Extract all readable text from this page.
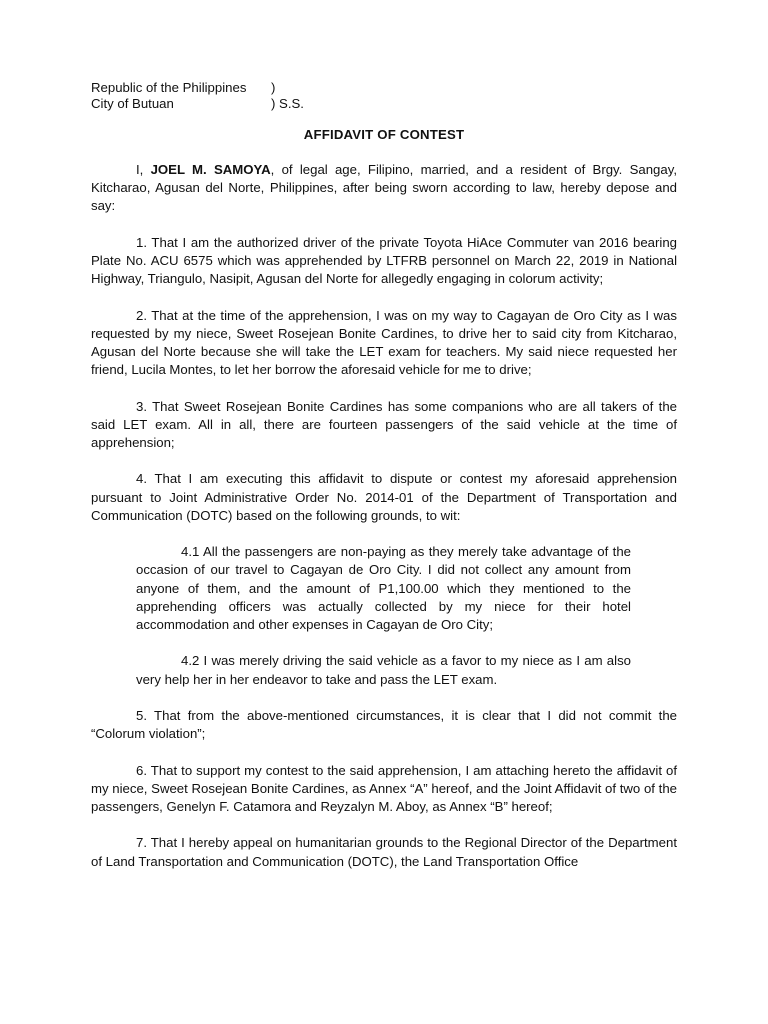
Republic of the Philippines	)
City of Butuan	) S.S.
AFFIDAVIT OF CONTEST

I, JOEL M. SAMOYA, of legal age, Filipino, married, and a resident of Brgy. Sangay, Kitcharao, Agusan del Norte, Philippines, after being sworn according to law, hereby depose and say:

1. That I am the authorized driver of the private Toyota HiAce Commuter van 2016 bearing Plate No. ACU 6575 which was apprehended by LTFRB personnel on March 22, 2019 in National Highway, Triangulo, Nasipit, Agusan del Norte for allegedly engaging in colorum activity;

2. That at the time of the apprehension, I was on my way to Cagayan de Oro City as I was requested by my niece, Sweet Rosejean Bonite Cardines, to drive her to said city from Kitcharao, Agusan del Norte because she will take the LET exam for teachers. My said niece requested her friend, Lucila Montes, to let her borrow the aforesaid vehicle for me to drive;

3. That Sweet Rosejean Bonite Cardines has some companions who are all takers of the said LET exam. All in all, there are fourteen passengers of the said vehicle at the time of apprehension;

4. That I am executing this affidavit to dispute or contest my aforesaid apprehension pursuant to Joint Administrative Order No. 2014-01 of the Department of Transportation and Communication (DOTC) based on the following grounds, to wit:

4.1 All the passengers are non-paying as they merely take advantage of the occasion of our travel to Cagayan de Oro City. I did not collect any amount from anyone of them, and the amount of P1,100.00 which they mentioned to the apprehending officers was actually collected by my niece for their hotel accommodation and other expenses in Cagayan de Oro City;

4.2 I was merely driving the said vehicle as a favor to my niece as I am also very help her in her endeavor to take and pass the LET exam.

5. That from the above-mentioned circumstances, it is clear that I did not commit the “Colorum violation”;

6. That to support my contest to the said apprehension, I am attaching hereto the affidavit of my niece, Sweet Rosejean Bonite Cardines, as Annex “A” hereof, and the Joint Affidavit of two of the passengers, Genelyn F. Catamora and Reyzalyn M. Aboy, as Annex “B” hereof;

7. That I hereby appeal on humanitarian grounds to the Regional Director of the Department of Land Transportation and Communication (DOTC), the Land Transportation Office
